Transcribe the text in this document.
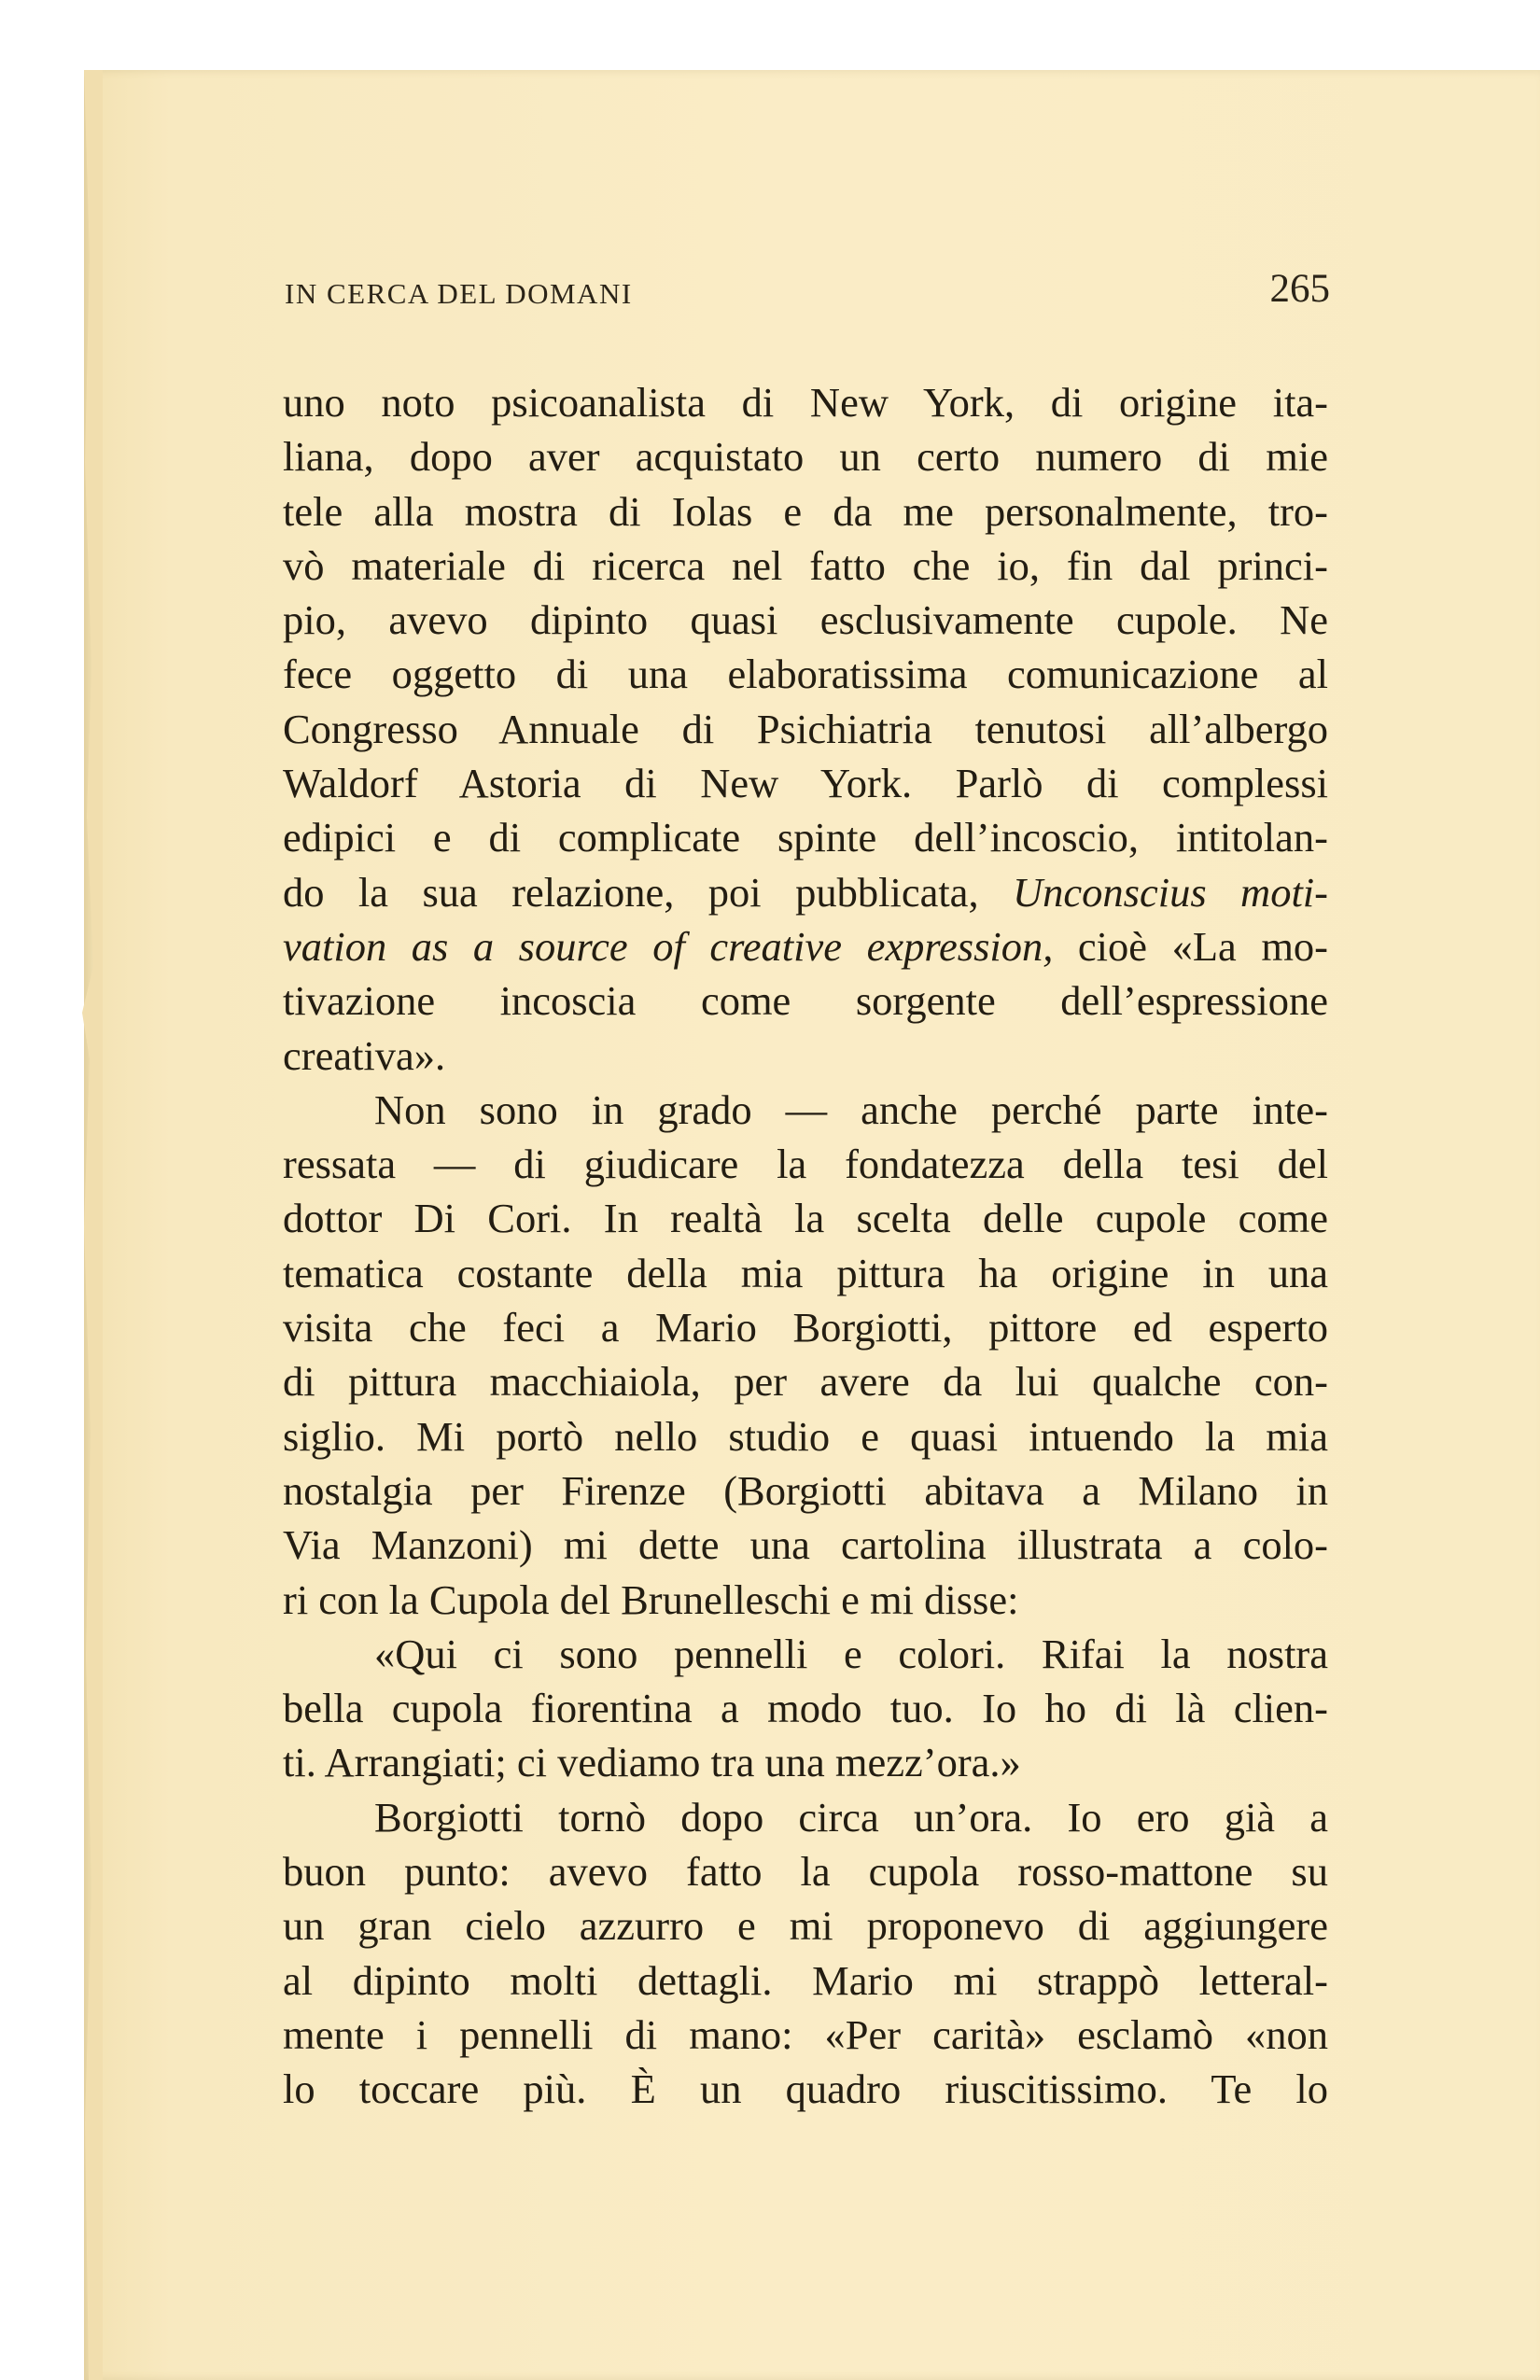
IN CERCA DEL DOMANI	265

uno noto psicoanalista di New York, di origine ita-
liana, dopo aver acquistato un certo numero di mie
tele alla mostra di Iolas e da me personalmente, tro-
vò materiale di ricerca nel fatto che io, fin dal princi-
pio, avevo dipinto quasi esclusivamente cupole. Ne
fece oggetto di una elaboratissima comunicazione al
Congresso Annuale di Psichiatria tenutosi all’albergo
Waldorf Astoria di New York. Parlò di complessi
edipici e di complicate spinte dell’incoscio, intitolan-
do la sua relazione, poi pubblicata, Unconscius moti-
vation as a source of creative expression, cioè «La mo-
tivazione incoscia come sorgente dell’espressione
creativa».

Non sono in grado — anche perché parte inte-

ressata — di giudicare la fondatezza della tesi del
dottor Di Cori. In realtà la scelta delle cupole come
tematica costante della mia pittura ha origine in una
visita che feci a Mario Borgiotti, pittore ed esperto
di pittura macchiaiola, per avere da lui qualche con-
siglio. Mi portò nello studio e quasi intuendo la mia
nostalgia per Firenze (Borgiotti abitava a Milano in
Via Manzoni) mi dette una cartolina illustrata a colo-
ri con la Cupola del Brunelleschi e mi disse:

«Qui ci sono pennelli e colori. Rifai la nostra

bella cupola fiorentina a modo tuo. Io ho di là clien-
ti. Arrangiati; ci vediamo tra una mezz’ora.»

Borgiotti tornò dopo circa un’ora. Io ero già a

buon punto: avevo fatto la cupola rosso-mattone su
un gran cielo azzurro e mi proponevo di aggiungere
al dipinto molti dettagli. Mario mi strappò letteral-
mente i pennelli di mano: «Per carità» esclamò «non
lo toccare più. È un quadro riuscitissimo. Te lo
